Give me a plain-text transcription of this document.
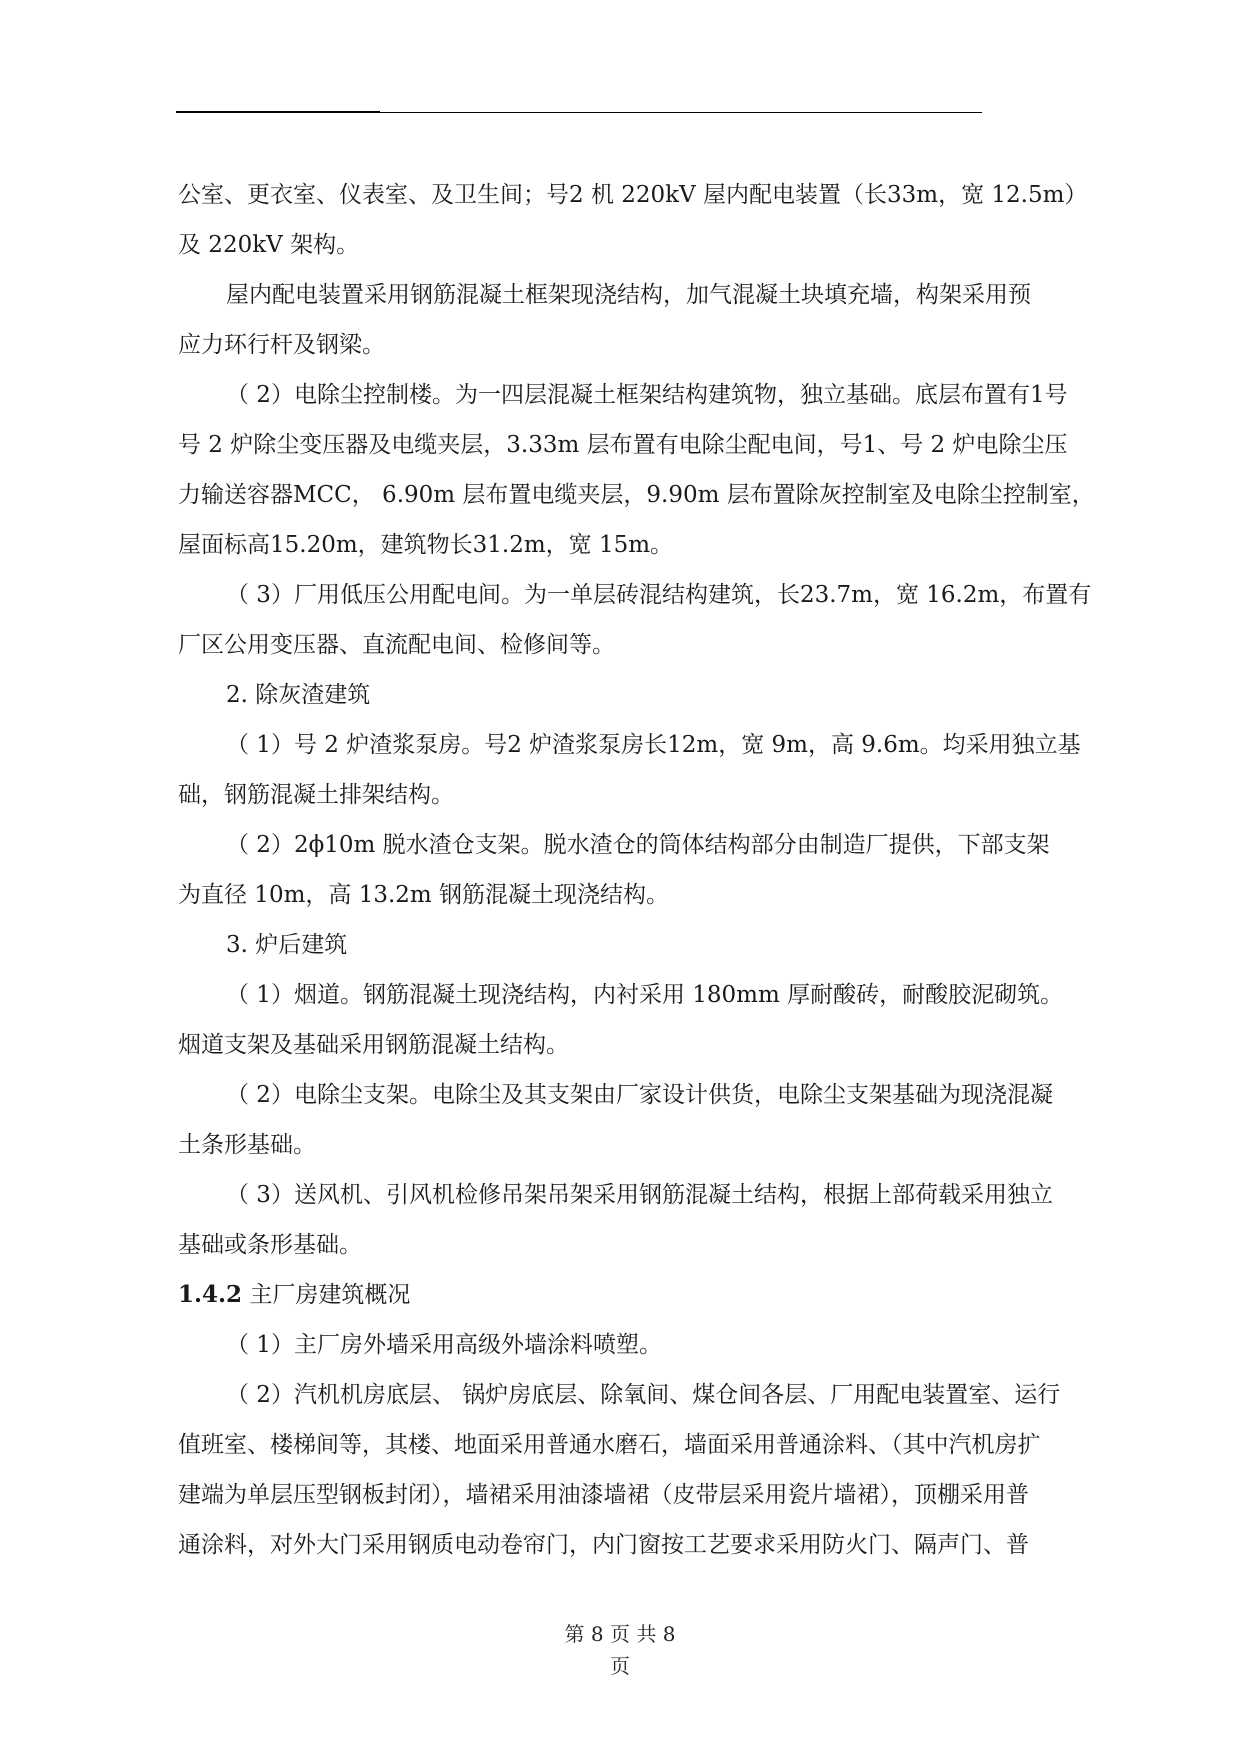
公室、更衣室、仪表室、及卫生间；号2 机 220kV 屋内配电装置（长33m，宽 12.5m）
及 220kV 架构。
屋内配电装置采用钢筋混凝土框架现浇结构，加气混凝土块填充墙，构架采用预
应力环行杆及钢梁。
（ 2）电除尘控制楼。为一四层混凝土框架结构建筑物，独立基础。底层布置有1号
号 2 炉除尘变压器及电缆夹层，3.33m 层布置有电除尘配电间，号1、号 2 炉电除尘压
力输送容器MCC， 6.90m 层布置电缆夹层，9.90m 层布置除灰控制室及电除尘控制室，
屋面标高15.20m，建筑物长31.2m，宽 15m。
（ 3）厂用低压公用配电间。为一单层砖混结构建筑，长23.7m，宽 16.2m，布置有
厂区公用变压器、直流配电间、检修间等。
2. 除灰渣建筑
（ 1）号 2 炉渣浆泵房。号2 炉渣浆泵房长12m，宽 9m，高 9.6m。均采用独立基
础，钢筋混凝土排架结构。
（ 2）2ϕ10m 脱水渣仓支架。脱水渣仓的筒体结构部分由制造厂提供，下部支架
为直径 10m，高 13.2m 钢筋混凝土现浇结构。
3. 炉后建筑
（ 1）烟道。钢筋混凝土现浇结构，内衬采用 180mm 厚耐酸砖，耐酸胶泥砌筑。
烟道支架及基础采用钢筋混凝土结构。
（ 2）电除尘支架。电除尘及其支架由厂家设计供货，电除尘支架基础为现浇混凝
土条形基础。
（ 3）送风机、引风机检修吊架吊架采用钢筋混凝土结构，根据上部荷载采用独立
基础或条形基础。
1.4.2 主厂房建筑概况
（ 1）主厂房外墙采用高级外墙涂料喷塑。
（ 2）汽机机房底层、 锅炉房底层、除氧间、煤仓间各层、厂用配电装置室、运行
值班室、楼梯间等，其楼、地面采用普通水磨石，墙面采用普通涂料、（其中汽机房扩
建端为单层压型钢板封闭），墙裙采用油漆墙裙（皮带层采用瓷片墙裙），顶棚采用普
通涂料，对外大门采用钢质电动卷帘门，内门窗按工艺要求采用防火门、隔声门、普
第 8 页 共 8
页
